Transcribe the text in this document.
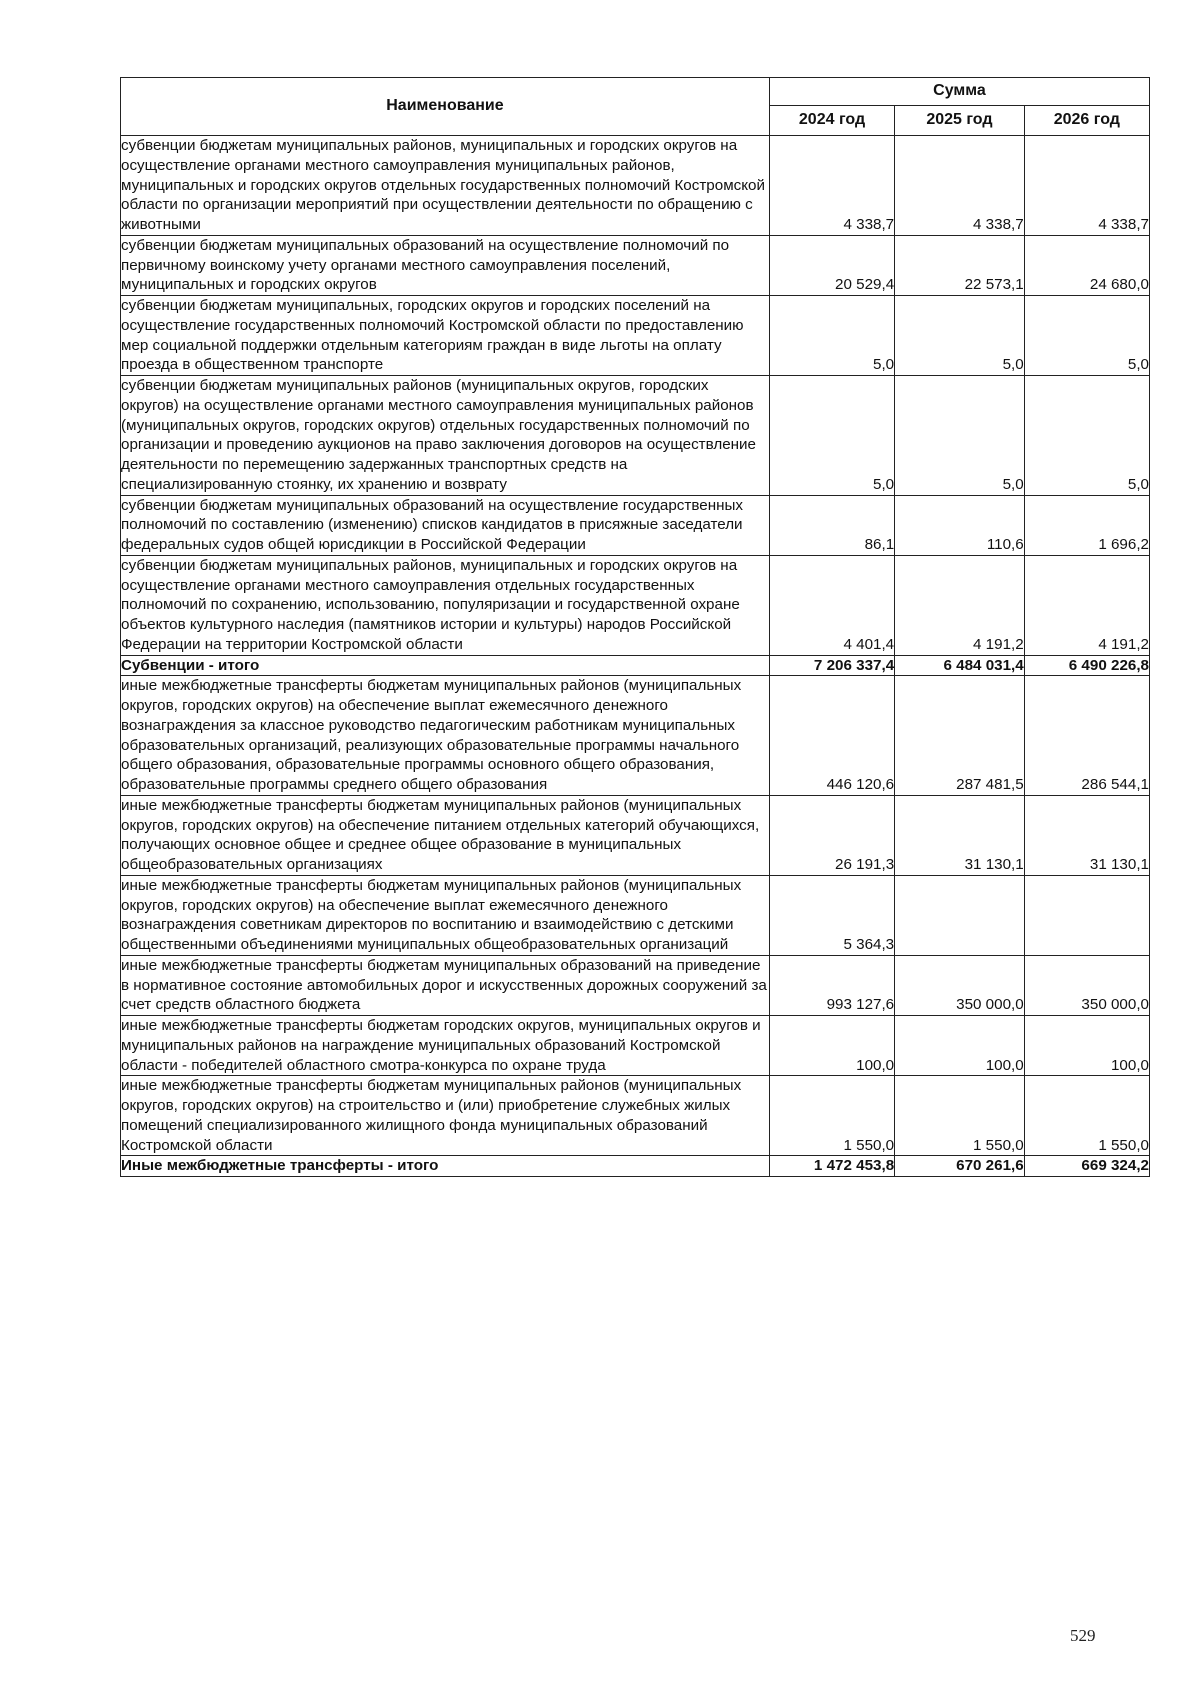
Наименование	Сумма		
	2024 год	2025 год	2026 год
субвенции бюджетам муниципальных районов, муниципальных и городских округов на осуществление органами местного самоуправления муниципальных районов, муниципальных и городских округов отдельных государственных полномочий Костромской области по организации мероприятий при осуществлении деятельности по обращению с животными	4 338,7	4 338,7	4 338,7
субвенции бюджетам муниципальных образований на осуществление полномочий по первичному воинскому учету органами местного самоуправления поселений, муниципальных и городских округов	20 529,4	22 573,1	24 680,0
субвенции бюджетам муниципальных, городских округов и городских поселений на осуществление государственных полномочий Костромской области по предоставлению мер социальной поддержки отдельным категориям граждан в виде льготы на оплату проезда в общественном транспорте	5,0	5,0	5,0
субвенции бюджетам муниципальных районов (муниципальных округов, городских округов) на осуществление органами местного самоуправления муниципальных районов (муниципальных округов, городских округов) отдельных государственных полномочий по организации и проведению аукционов на право заключения договоров на осуществление деятельности по перемещению задержанных транспортных средств на специализированную стоянку, их хранению и возврату	5,0	5,0	5,0
субвенции бюджетам муниципальных образований на осуществление государственных полномочий по составлению (изменению) списков кандидатов в присяжные заседатели федеральных судов общей юрисдикции в Российской Федерации	86,1	110,6	1 696,2
субвенции бюджетам муниципальных районов, муниципальных и городских округов на осуществление органами местного самоуправления отдельных государственных полномочий по сохранению, использованию, популяризации и государственной охране объектов культурного наследия (памятников истории и культуры) народов Российской Федерации на территории Костромской области	4 401,4	4 191,2	4 191,2
Субвенции - итого	7 206 337,4	6 484 031,4	6 490 226,8
иные межбюджетные трансферты бюджетам муниципальных районов (муниципальных округов, городских округов) на обеспечение выплат ежемесячного денежного вознаграждения за классное руководство педагогическим работникам муниципальных образовательных организаций, реализующих образовательные программы начального общего образования, образовательные программы основного общего образования, образовательные программы среднего общего образования	446 120,6	287 481,5	286 544,1
иные межбюджетные трансферты бюджетам муниципальных районов (муниципальных округов, городских округов) на обеспечение питанием отдельных категорий обучающихся, получающих основное общее и среднее общее образование в муниципальных общеобразовательных организациях	26 191,3	31 130,1	31 130,1
иные межбюджетные трансферты бюджетам муниципальных районов (муниципальных округов, городских округов) на обеспечение выплат ежемесячного денежного вознаграждения советникам директоров по воспитанию и взаимодействию с детскими общественными объединениями муниципальных общеобразовательных организаций	5 364,3		
иные межбюджетные трансферты бюджетам муниципальных образований на приведение в нормативное состояние автомобильных дорог и искусственных дорожных сооружений за счет средств областного бюджета	993 127,6	350 000,0	350 000,0
иные межбюджетные трансферты бюджетам городских округов, муниципальных округов и муниципальных районов на награждение муниципальных образований Костромской области - победителей областного смотра-конкурса по охране труда	100,0	100,0	100,0
иные межбюджетные трансферты бюджетам муниципальных районов (муниципальных округов, городских округов) на строительство и (или) приобретение служебных жилых помещений специализированного жилищного фонда муниципальных образований Костромской области	1 550,0	1 550,0	1 550,0
Иные межбюджетные трансферты - итого	1 472 453,8	670 261,6	669 324,2
529
